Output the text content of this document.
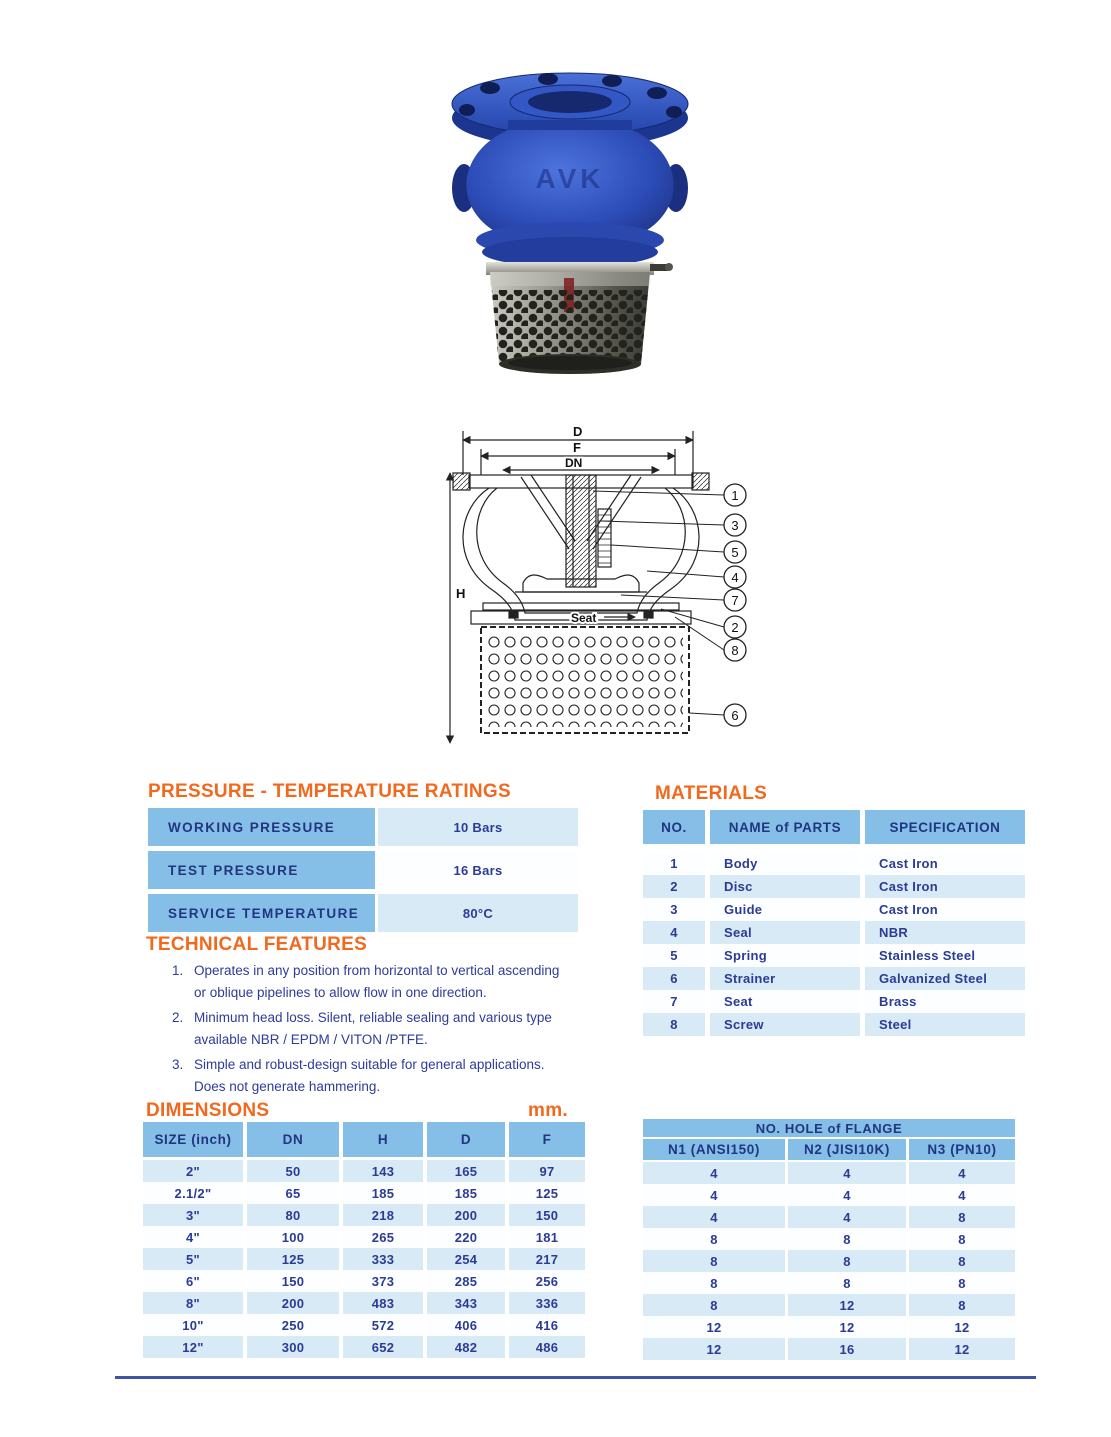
AVK
D
F
DN
H
Seat
1
3
5
4
7
2
8
6
PRESSURE - TEMPERATURE RATINGS
WORKING PRESSURE	10 Bars
TEST PRESSURE	16 Bars
SERVICE TEMPERATURE	80°C
MATERIALS
NO.	NAME of PARTS	SPECIFICATION
1	Body	Cast Iron
2	Disc	Cast Iron
3	Guide	Cast Iron
4	Seal	NBR
5	Spring	Stainless Steel
6	Strainer	Galvanized Steel
7	Seat	Brass
8	Screw	Steel
TECHNICAL FEATURES
1. Operates in any position from horizontal to vertical ascending
or oblique pipelines to allow flow in one direction.
2. Minimum head loss. Silent, reliable sealing and various type
available NBR / EPDM / VITON /PTFE.
3. Simple and robust-design suitable for general applications.
Does not generate hammering.
DIMENSIONS	mm.
SIZE (inch)	DN	H	D	F
2"	50	143	165	97
2.1/2"	65	185	185	125
3"	80	218	200	150
4"	100	265	220	181
5"	125	333	254	217
6"	150	373	285	256
8"	200	483	343	336
10"	250	572	406	416
12"	300	652	482	486
NO. HOLE of FLANGE
N1 (ANSI150)	N2 (JISI10K)	N3 (PN10)
4	4	4
4	4	4
4	4	8
8	8	8
8	8	8
8	8	8
8	12	8
12	12	12
12	16	12
